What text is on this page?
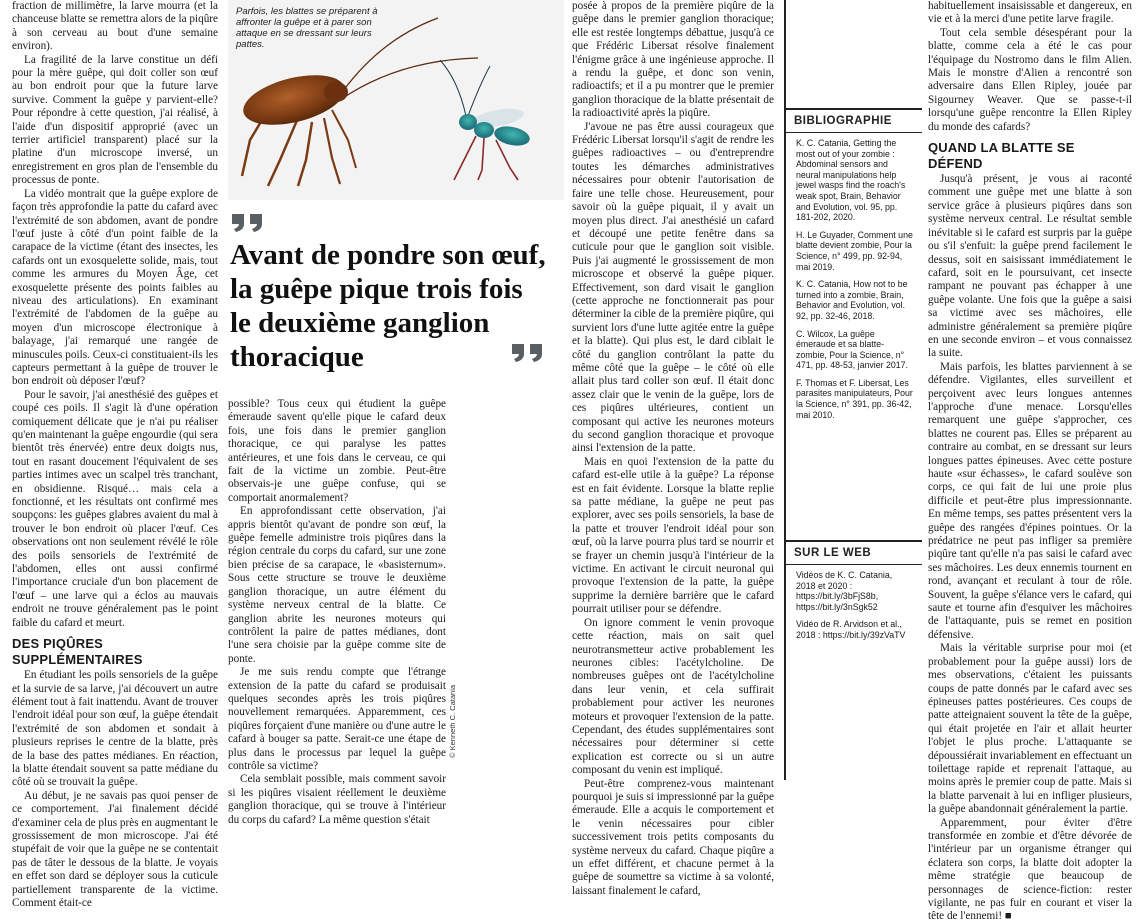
fraction de millimètre, la larve mourra (et la chanceuse blatte se remettra alors de la piqûre à son cerveau au bout d'une semaine environ).

La fragilité de la larve constitue un défi pour la mère guêpe, qui doit coller son œuf au bon endroit pour que la future larve survive. Comment la guêpe y parvient-elle? Pour répondre à cette question, j'ai réalisé, à l'aide d'un dispositif approprié (avec un terrier artificiel transparent) placé sur la platine d'un microscope inversé, un enregistrement en gros plan de l'ensemble du processus de ponte.

La vidéo montrait que la guêpe explore de façon très approfondie la patte du cafard avec l'extrémité de son abdomen, avant de pondre l'œuf juste à côté d'un point faible de la carapace de la victime (étant des insectes, les cafards ont un exosquelette solide, mais, tout comme les armures du Moyen Âge, cet exosquelette présente des points faibles au niveau des articulations). En examinant l'extrémité de l'abdomen de la guêpe au moyen d'un microscope électronique à balayage, j'ai remarqué une rangée de minuscules poils. Ceux-ci constituaient-ils les capteurs permettant à la guêpe de trouver le bon endroit où déposer l'œuf?

Pour le savoir, j'ai anesthésié des guêpes et coupé ces poils. Il s'agit là d'une opération comiquement délicate que je n'ai pu réaliser qu'en maintenant la guêpe engourdie (qui sera bientôt très énervée) entre deux doigts nus, tout en rasant doucement l'équivalent de ses parties intimes avec un scalpel très tranchant, en obsidienne. Risqué… mais cela a fonctionné, et les résultats ont confirmé mes soupçons: les guêpes glabres avaient du mal à trouver le bon endroit où placer l'œuf. Ces observations ont non seulement révélé le rôle des poils sensoriels de l'extrémité de l'abdomen, elles ont aussi confirmé l'importance cruciale d'un bon placement de l'œuf – une larve qui a éclos au mauvais endroit ne trouve généralement pas le point faible du cafard et meurt.

DES PIQÛRES SUPPLÉMENTAIRES

En étudiant les poils sensoriels de la guêpe et la survie de sa larve, j'ai découvert un autre élément tout à fait inattendu. Avant de trouver l'endroit idéal pour son œuf, la guêpe étendait l'extrémité de son abdomen et sondait à plusieurs reprises le centre de la blatte, près de la base des pattes médianes. En réaction, la blatte étendait souvent sa patte médiane du côté où se trouvait la guêpe.

Au début, je ne savais pas quoi penser de ce comportement. J'ai finalement décidé d'examiner cela de plus près en augmentant le grossissement de mon microscope. J'ai été stupéfait de voir que la guêpe ne se contentait pas de tâter le dessous de la blatte. Je voyais en effet son dard se déployer sous la cuticule partiellement transparente de la victime. Comment était-ce

Parfois, les blattes se préparent à affronter la guêpe et à parer son attaque en se dressant sur leurs pattes.
Avant de pondre son œuf, la guêpe pique trois fois le deuxième ganglion thoracique

possible? Tous ceux qui étudient la guêpe émeraude savent qu'elle pique le cafard deux fois, une fois dans le premier ganglion thoracique, ce qui paralyse les pattes antérieures, et une fois dans le cerveau, ce qui fait de la victime un zombie. Peut-être observais-je une guêpe confuse, qui se comportait anormalement?

En approfondissant cette observation, j'ai appris bientôt qu'avant de pondre son œuf, la guêpe femelle administre trois piqûres dans la région centrale du corps du cafard, sur une zone bien précise de sa carapace, le «basisternum». Sous cette structure se trouve le deuxième ganglion thoracique, un autre élément du système nerveux central de la blatte. Ce ganglion abrite les neurones moteurs qui contrôlent la paire de pattes médianes, dont l'une sera choisie par la guêpe comme site de ponte.

Je me suis rendu compte que l'étrange extension de la patte du cafard se produisait quelques secondes après les trois piqûres nouvellement remarquées. Apparemment, ces piqûres forçaient d'une manière ou d'une autre le cafard à bouger sa patte. Serait-ce une étape de plus dans le processus par lequel la guêpe contrôle sa victime?

Cela semblait possible, mais comment savoir si les piqûres visaient réellement le deuxième ganglion thoracique, qui se trouve à l'intérieur du corps du cafard? La même question s'était

© Kenneth C. Catania

posée à propos de la première piqûre de la guêpe dans le premier ganglion thoracique; elle est restée longtemps débattue, jusqu'à ce que Frédéric Libersat résolve finalement l'énigme grâce à une ingénieuse approche. Il a rendu la guêpe, et donc son venin, radioactifs; et il a pu montrer que le premier ganglion thoracique de la blatte présentait de la radioactivité après la piqûre.

J'avoue ne pas être aussi courageux que Frédéric Libersat lorsqu'il s'agit de rendre les guêpes radioactives – ou d'entreprendre toutes les démarches administratives nécessaires pour obtenir l'autorisation de faire une telle chose. Heureusement, pour savoir où la guêpe piquait, il y avait un moyen plus direct. J'ai anesthésié un cafard et découpé une petite fenêtre dans sa cuticule pour que le ganglion soit visible. Puis j'ai augmenté le grossissement de mon microscope et observé la guêpe piquer. Effectivement, son dard visait le ganglion (cette approche ne fonctionnerait pas pour déterminer la cible de la première piqûre, qui survient lors d'une lutte agitée entre la guêpe et la blatte). Qui plus est, le dard ciblait le côté du ganglion contrôlant la patte du même côté que la guêpe – le côté où elle allait plus tard coller son œuf. Il était donc assez clair que le venin de la guêpe, lors de ces piqûres ultérieures, contient un composant qui active les neurones moteurs du second ganglion thoracique et provoque ainsi l'extension de la patte.

Mais en quoi l'extension de la patte du cafard est-elle utile à la guêpe? La réponse est en fait évidente. Lorsque la blatte replie sa patte médiane, la guêpe ne peut pas explorer, avec ses poils sensoriels, la base de la patte et trouver l'endroit idéal pour son œuf, où la larve pourra plus tard se nourrir et se frayer un chemin jusqu'à l'intérieur de la victime. En activant le circuit neuronal qui provoque l'extension de la patte, la guêpe supprime la dernière barrière que le cafard pourrait utiliser pour se défendre.

On ignore comment le venin provoque cette réaction, mais on sait quel neurotransmetteur active probablement les neurones cibles: l'acétylcholine. De nombreuses guêpes ont de l'acétylcholine dans leur venin, et cela suffirait probablement pour activer les neurones moteurs et provoquer l'extension de la patte. Cependant, des études supplémentaires sont nécessaires pour déterminer si cette explication est correcte ou si un autre composant du venin est impliqué.

Peut-être comprenez-vous maintenant pourquoi je suis si impressionné par la guêpe émeraude. Elle a acquis le comportement et le venin nécessaires pour cibler successivement trois petits composants du système nerveux du cafard. Chaque piqûre a un effet différent, et chacune permet à la guêpe de soumettre sa victime à sa volonté, laissant finalement le cafard,

BIBLIOGRAPHIE
K. C. Catania, Getting the most out of your zombie : Abdominal sensors and neural manipulations help jewel wasps find the roach's weak spot, Brain, Behavior and Evolution, vol. 95, pp. 181-202, 2020.
H. Le Guyader, Comment une blatte devient zombie, Pour la Science, n° 499, pp. 92-94, mai 2019.
K. C. Catania, How not to be turned into a zombie, Brain, Behavior and Evolution, vol. 92, pp. 32-46, 2018.
C. Wilcox, La guêpe émeraude et sa blatte-zombie, Pour la Science, n° 471, pp. 48-53, janvier 2017.
F. Thomas et F. Libersat, Les parasites manipulateurs, Pour la Science, n° 391, pp. 36-42, mai 2010.
SUR LE WEB
Vidéos de K. C. Catania, 2018 et 2020 : https://bit.ly/3bFjS8b, https://bit.ly/3nSgk52
Vidéo de R. Arvidson et al., 2018 : https://bit.ly/39zVaTV

habituellement insaisissable et dangereux, en vie et à la merci d'une petite larve fragile.

Tout cela semble désespérant pour la blatte, comme cela a été le cas pour l'équipage du Nostromo dans le film Alien. Mais le monstre d'Alien a rencontré son adversaire dans Ellen Ripley, jouée par Sigourney Weaver. Que se passe-t-il lorsqu'une guêpe rencontre la Ellen Ripley du monde des cafards?

QUAND LA BLATTE SE DÉFEND

Jusqu'à présent, je vous ai raconté comment une guêpe met une blatte à son service grâce à plusieurs piqûres dans son système nerveux central. Le résultat semble inévitable si le cafard est surpris par la guêpe ou s'il s'enfuit: la guêpe prend facilement le dessus, soit en saisissant immédiatement le cafard, soit en le poursuivant, cet insecte rampant ne pouvant pas échapper à une guêpe volante. Une fois que la guêpe a saisi sa victime avec ses mâchoires, elle administre généralement sa première piqûre en une seconde environ – et vous connaissez la suite.

Mais parfois, les blattes parviennent à se défendre. Vigilantes, elles surveillent et perçoivent avec leurs longues antennes l'approche d'une menace. Lorsqu'elles remarquent une guêpe s'approcher, ces blattes ne courent pas. Elles se préparent au contraire au combat, en se dressant sur leurs longues pattes épineuses. Avec cette posture haute «sur échasses», le cafard soulève son corps, ce qui fait de lui une proie plus difficile et peut-être plus impressionnante. En même temps, ses pattes présentent vers la guêpe des rangées d'épines pointues. Or la prédatrice ne peut pas infliger sa première piqûre tant qu'elle n'a pas saisi le cafard avec ses mâchoires. Les deux ennemis tournent en rond, avançant et reculant à tour de rôle. Souvent, la guêpe s'élance vers le cafard, qui saute et tourne afin d'esquiver les mâchoires de l'attaquante, puis se remet en position défensive.

Mais la véritable surprise pour moi (et probablement pour la guêpe aussi) lors de mes observations, c'étaient les puissants coups de patte donnés par le cafard avec ses épineuses pattes postérieures. Ces coups de patte atteignaient souvent la tête de la guêpe, qui était projetée en l'air et allait heurter l'objet le plus proche. L'attaquante se dépoussiérait invariablement en effectuant un toilettage rapide et reprenait l'attaque, au moins après le premier coup de patte. Mais si la blatte parvenait à lui en infliger plusieurs, la guêpe abandonnait généralement la partie.

Apparemment, pour éviter d'être transformée en zombie et d'être dévorée de l'intérieur par un organisme étranger qui éclatera son corps, la blatte doit adopter la même stratégie que beaucoup de personnages de science-fiction: rester vigilante, ne pas fuir en courant et viser la tête de l'ennemi! ■
